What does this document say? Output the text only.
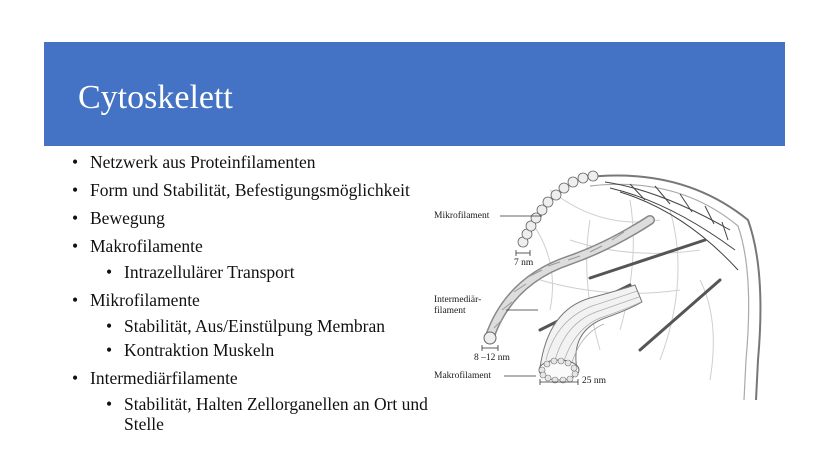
Cytoskelett
• Netzwerk aus Proteinfilamenten
• Form und Stabilität, Befestigungsmöglichkeit
• Bewegung
• Makrofilamente
• Intrazellulärer Transport
• Mikrofilamente
• Stabilität, Aus/Einstülpung Membran
• Kontraktion Muskeln
• Intermediärfilamente
• Stabilität, Halten Zellorganellen an Ort und
Stelle
Mikrofilament
7 nm
Intermediär-
filament
8 –12 nm
Makrofilament	25 nm
